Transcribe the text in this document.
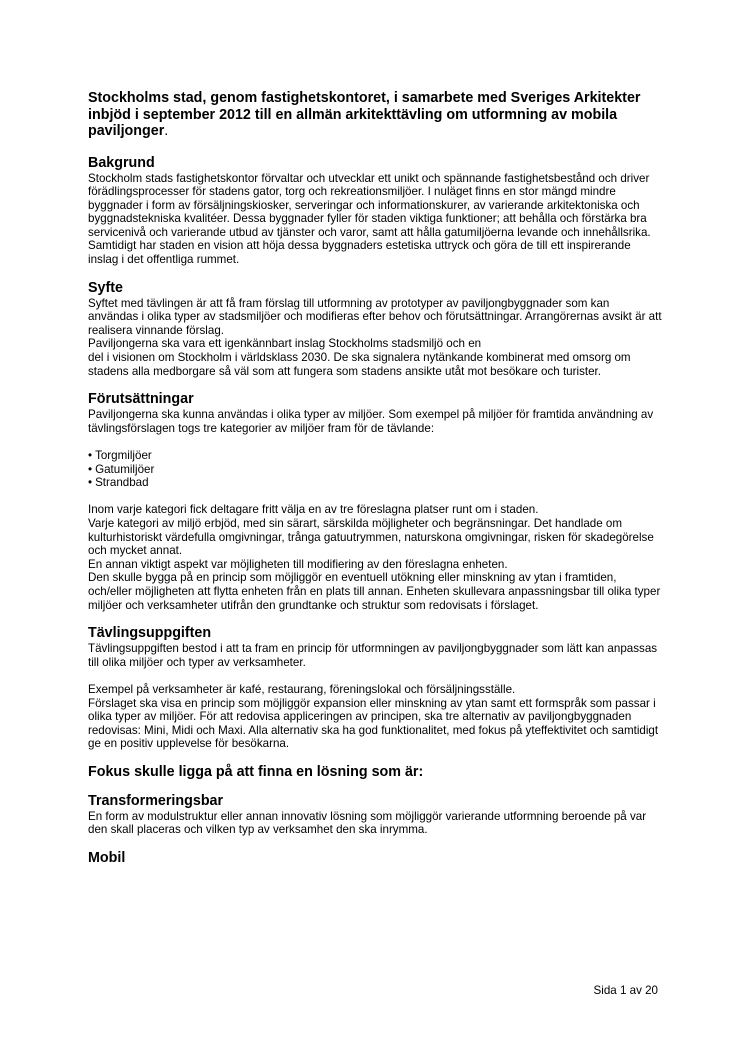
Stockholms stad, genom fastighetskontoret, i samarbete med Sveriges Arkitekter inbjöd i september 2012 till en allmän arkitekttävling om utformning av mobila paviljonger.

Bakgrund

Stockholm stads fastighetskontor förvaltar och utvecklar ett unikt och spännande fastighetsbestånd och driver förädlingsprocesser för stadens gator, torg och rekreationsmiljöer. I nuläget finns en stor mängd mindre byggnader i form av försäljningskiosker, serveringar och informationskurer, av varierande arkitektoniska och byggnadstekniska kvalitéer. Dessa byggnader fyller för staden viktiga funktioner; att behålla och förstärka bra servicenivå och varierande utbud av tjänster och varor, samt att hålla gatumiljöerna levande och innehållsrika. Samtidigt har staden en vision att höja dessa byggnaders estetiska uttryck och göra de till ett inspirerande inslag i det offentliga rummet.

Syfte

Syftet med tävlingen är att få fram förslag till utformning av prototyper av paviljongbyggnader som kan användas i olika typer av stadsmiljöer och modifieras efter behov och förutsättningar. Arrangörernas avsikt är att realisera vinnande förslag.

Paviljongerna ska vara ett igenkännbart inslag Stockholms stadsmiljö och en

del i visionen om Stockholm i världsklass 2030. De ska signalera nytänkande kombinerat med omsorg om stadens alla medborgare så väl som att fungera som stadens ansikte utåt mot besökare och turister.

Förutsättningar

Paviljongerna ska kunna användas i olika typer av miljöer. Som exempel på miljöer för framtida användning av tävlingsförslagen togs tre kategorier av miljöer fram för de tävlande:

• Torgmiljöer
• Gatumiljöer
• Strandbad

Inom varje kategori fick deltagare fritt välja en av tre föreslagna platser runt om i staden.

Varje kategori av miljö erbjöd, med sin särart, särskilda möjligheter och begränsningar. Det handlade om kulturhistoriskt värdefulla omgivningar, trånga gatuutrymmen, naturskona omgivningar, risken för skadegörelse och mycket annat.

En annan viktigt aspekt var möjligheten till modifiering av den föreslagna enheten.

Den skulle bygga på en princip som möjliggör en eventuell utökning eller minskning av ytan i framtiden, och/eller möjligheten att flytta enheten från en plats till annan. Enheten skullevara anpassningsbar till olika typer miljöer och verksamheter utifrån den grundtanke och struktur som redovisats i förslaget.

Tävlingsuppgiften

Tävlingsuppgiften bestod i att ta fram en princip för utformningen av paviljongbyggnader som lätt kan anpassas till olika miljöer och typer av verksamheter.

Exempel på verksamheter är kafé, restaurang, föreningslokal och försäljningsställe.

Förslaget ska visa en princip som möjliggör expansion eller minskning av ytan samt ett formspråk som passar i olika typer av miljöer. För att redovisa appliceringen av principen, ska tre alternativ av paviljongbyggnaden redovisas: Mini, Midi och Maxi. Alla alternativ ska ha god funktionalitet, med fokus på yteffektivitet och samtidigt ge en positiv upplevelse för besökarna.

Fokus skulle ligga på att finna en lösning som är:

Transformeringsbar

En form av modulstruktur eller annan innovativ lösning som möjliggör varierande utformning beroende på var den skall placeras och vilken typ av verksamhet den ska inrymma.

Mobil
Sida 1 av 20
